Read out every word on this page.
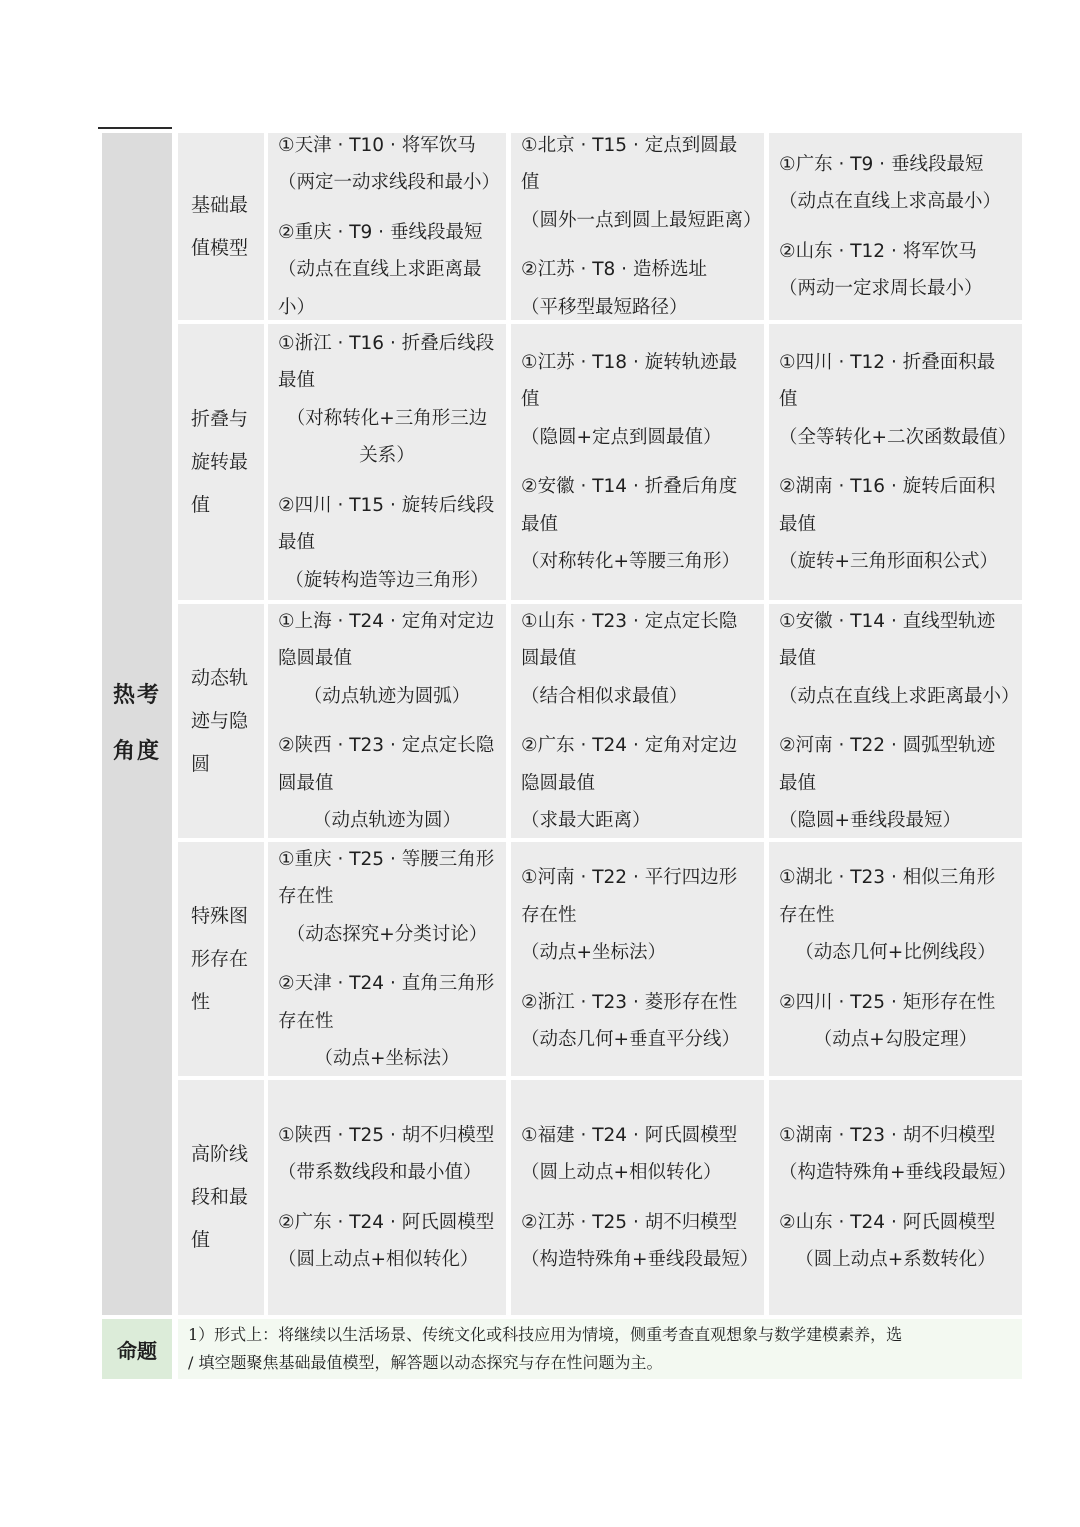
热考角度
基础最值模型
①天津 · T10 · 将军饮马
（两定一动求线段和最小）
②重庆 · T9 · 垂线段最短
（动点在直线上求距离最小）
①北京 · T15 · 定点到圆最值
（圆外一点到圆上最短距离）
②江苏 · T8 · 造桥选址
（平移型最短路径）
①广东 · T9 · 垂线段最短
（动点在直线上求高最小）
②山东 · T12 · 将军饮马
（两动一定求周长最小）
折叠与旋转最值
①浙江 · T16 · 折叠后线段最值
（对称转化+三角形三边关系）
②四川 · T15 · 旋转后线段最值
（旋转构造等边三角形）
①江苏 · T18 · 旋转轨迹最值
（隐圆+定点到圆最值）
②安徽 · T14 · 折叠后角度最值
（对称转化+等腰三角形）
①四川 · T12 · 折叠面积最值
（全等转化+二次函数最值）
②湖南 · T16 · 旋转后面积最值
（旋转+三角形面积公式）
动态轨迹与隐圆
①上海 · T24 · 定角对定边隐圆最值
（动点轨迹为圆弧）
②陕西 · T23 · 定点定长隐圆最值
（动点轨迹为圆）
①山东 · T23 · 定点定长隐圆最值
（结合相似求最值）
②广东 · T24 · 定角对定边隐圆最值
（求最大距离）
①安徽 · T14 · 直线型轨迹最值
（动点在直线上求距离最小）
②河南 · T22 · 圆弧型轨迹最值
（隐圆+垂线段最短）
特殊图形存在性
①重庆 · T25 · 等腰三角形存在性
（动态探究+分类讨论）
②天津 · T24 · 直角三角形存在性
（动点+坐标法）
①河南 · T22 · 平行四边形存在性
（动点+坐标法）
②浙江 · T23 · 菱形存在性
（动态几何+垂直平分线）
①湖北 · T23 · 相似三角形存在性
（动态几何+比例线段）
②四川 · T25 · 矩形存在性
（动点+勾股定理）
高阶线段和最值
①陕西 · T25 · 胡不归模型
（带系数线段和最小值）
②广东 · T24 · 阿氏圆模型
（圆上动点+相似转化）
①福建 · T24 · 阿氏圆模型
（圆上动点+相似转化）
②江苏 · T25 · 胡不归模型
（构造特殊角+垂线段最短）
①湖南 · T23 · 胡不归模型
（构造特殊角+垂线段最短）
②山东 · T24 · 阿氏圆模型
（圆上动点+系数转化）
命题
1）形式上：将继续以生活场景、传统文化或科技应用为情境，侧重考查直观想象与数学建模素养，选
/ 填空题聚焦基础最值模型，解答题以动态探究与存在性问题为主。
